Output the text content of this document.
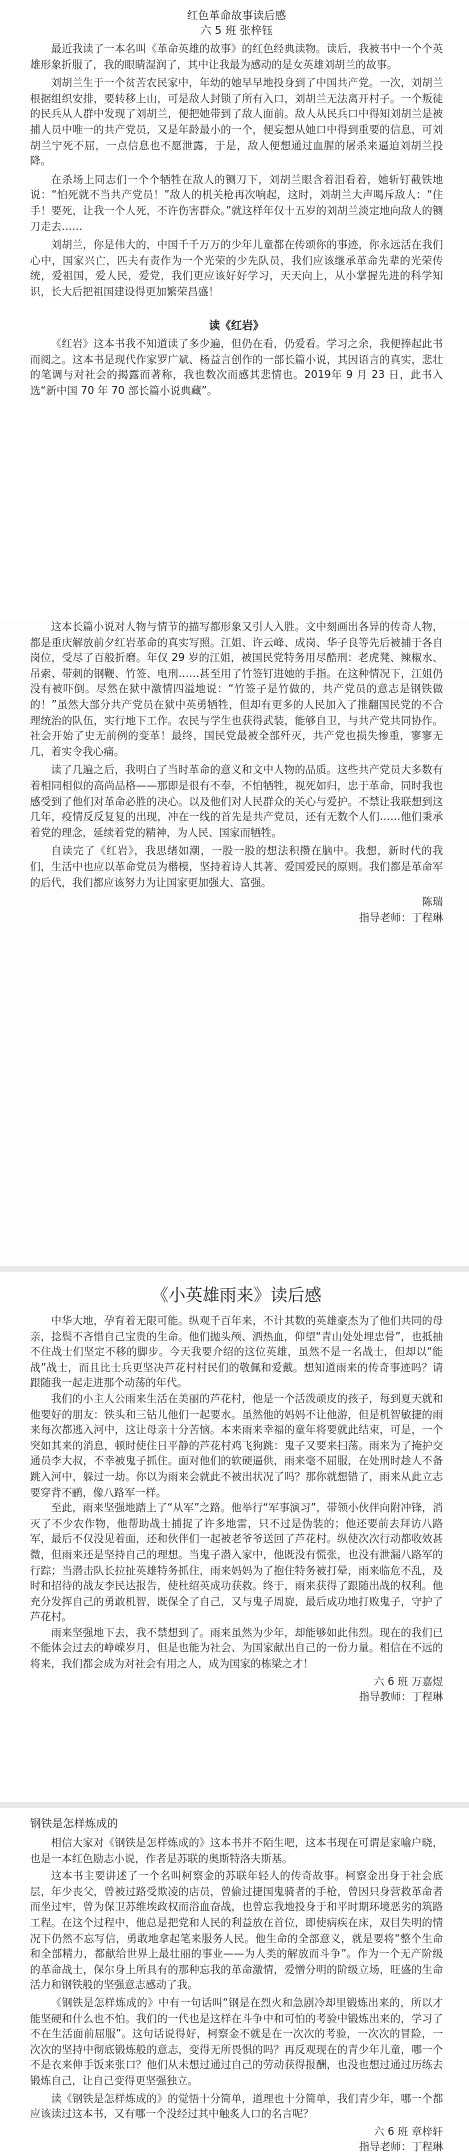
红色革命故事读后感

六 5 班 张梓钰

最近我读了一本名叫《革命英雄的故事》的红色经典读物。读后，我被书中一个个英雄形象折服了，我的眼睛湿润了，其中让我最为感动的是女英雄刘胡兰的故事。

刘胡兰生于一个贫苦农民家中，年幼的她早早地投身到了中国共产党。一次，刘胡兰根据组织安排，要转移上山，可是敌人封锁了所有入口，刘胡兰无法离开村子。一个叛徒的民兵从人群中发现了刘胡兰，便把她带到了敌人面前。敌人从民兵口中得知刘胡兰是被捕人员中唯一的共产党员，又是年龄最小的一个，便妄想从她口中得到重要的信息，可刘胡兰宁死不屈，一点信息也不愿泄露，于是，敌人便想通过血腥的屠杀来逼迫刘胡兰投降。

在杀场上同志们一个个牺牲在敌人的铡刀下，刘胡兰眼含着泪看着，她斩钉截铁地说：“怕死就不当共产党员！”敌人的机关枪再次响起，这时，刘胡兰大声喝斥敌人：“住手！要死，让我一个人死，不许伤害群众。”就这样年仅十五岁的刘胡兰淡定地向敌人的铡刀走去……

刘胡兰，你是伟大的，中国千千万万的少年儿童都在传颂你的事迹，你永远活在我们心中，国家兴亡，匹夫有责作为一个光荣的少先队员，我们应该继承革命先辈的光荣传统，爱祖国，爱人民，爱党，我们更应该好好学习，天天向上，从小掌握先进的科学知识，长大后把祖国建设得更加繁荣昌盛！

读《红岩》

《红岩》这本书我不知道读了多少遍，但仍在看，仍爱看。学习之余，我便捧起此书而阅之。这本书是现代作家罗广斌、杨益言创作的一部长篇小说，其因语言的真实，悲壮的笔调与对社会的揭露而著称，我也数次而感其悲情也。2019年 9 月 23 日，此书入选“新中国 70 年 70 部长篇小说典藏”。

这本长篇小说对人物与情节的描写都形象又引人入胜。文中刻画出各异的传奇人物，都是重庆解放前夕红岩革命的真实写照。江姐、许云峰、成岗、华子良等先后被捕于各自岗位，受尽了百般折磨。年仅 29 岁的江姐，被国民党特务用尽酷刑：老虎凳、辣椒水、吊索、带刺的钢鞭、竹签、电刑……甚至用了竹签钉进她的手指。在这种情况下，江姐仍没有被吓倒。尽然在狱中激情四溢地说：“竹签子是竹做的，共产党员的意志是钢铁做的！”虽然大部分共产党员在狱中英勇牺牲，但却有更多的人民加入了推翻国民党的不合理统治的队伍，实行地下工作。农民与学生也获得武装，能够自卫，与共产党共同协作。社会开始了史无前例的变革！最终，国民党最被全部歼灭，共产党也损失惨重，寥寥无几，着实令我心痛。

读了几遍之后，我明白了当时革命的意义和文中人物的品质。这些共产党员大多数有着相同相似的高尚品格——那即是很有不奉，不怕牺牲，视死如归，忠于革命，同时我也感受到了他们对革命必胜的决心。以及他们对人民群众的关心与爱护。不禁让我联想到这几年，疫情反反复复的出现，冲在一线的首先是共产党员，还有无数个人们……他们秉承着党的理念，延续着党的精神，为人民、国家而牺牲。

自读完了《红岩》，我思绪如潮，一股一股的想法积攒在脑中。我想，新时代的我们，生活中也应以革命党员为楷模，坚持着诗人其著、爱国爱民的原则。我们都是革命军的后代，我们都应该努力为让国家更加强大、富强。

陈瑞

指导老师：丁程琳

《小英雄雨来》读后感

中华大地，孕育着无限可能。纵观千百年来，不计其数的英雄豪杰为了他们共同的母亲，捻鬓不吝惜自己宝贵的生命。他们抛头颅、洒热血，仰望“青山处处埋忠骨”，也抵抽不住战士们坚定不移的脚步。今天我要介绍的这位英雄，虽然不是一名战士，但却以“能战”战士，而且比士兵更坚决芦花村村民们的敬佩和爱戴。想知道雨来的传奇事迹吗？请跟随我一起走进那个动荡的年代。

我们的小主人公雨来生活在美丽的芦花村，他是一个活泼顽皮的孩子，每到夏天就和他要好的朋友：铁头和三钻儿他们一起要水。虽然他的妈妈不让他游，但是机智敏捷的雨来每次都逃入河中，这让母亲十分苦恼。本来雨来幸福的童年将要就此结束，可是，一个突如其来的消息，顿时使住日平静的芦花村鸡飞狗跳：鬼子又要来扫荡。雨来为了掩护交通员李大叔，不幸被鬼子抓住。面对他们的软硬逼供，雨来毫不屈服，在处刑时趁人不备跳入河中，躲过一劫。你以为雨来会就此不被出状况了吗？那你就想错了，雨来从此立志要穿背不鹂，像八路军一样。

至此，雨来坚强地踏上了“从军”之路。他举行“军事演习”，带领小伙伴向附冲锋，消灭了不少农作物，他帮助战士捕捉了许多地雷，只不过是伪装的；他还要前去拜访八路军，最后不仅没见着面，还和伙伴们一起被老爷爷送回了芦花村。纵使次次行动都收效甚微，但雨来还是坚持自己的理想。当鬼子潜入家中，他既没有慌张，也没有泄漏八路军的行踪；当潜击队长拉扯英雄特务抓住，雨来妈妈为了抱住特务被打晕，雨来临危不乱，及时和招待的战友李民达报告，使杜绍英成功获救。终于，雨来获得了跟随出战的权利。他充分发挥自己的勇敢机智，既保全了自己，又与鬼子周旋，最后成功地打败鬼子，守护了芦花村。

雨来坚强地下去，我不禁想到了。雨来虽然为少年，却能够如此伟烈。现在的我们已不能体会过去的峥嵘岁月，但是也能为社会、为国家献出自己的一份力量。相信在不远的将来，我们都会成为对社会有用之人，成为国家的栋梁之才！

六 6 班 万嘉煜

指导教师：丁程琳

钢铁是怎样炼成的

相信大家对《钢铁是怎样炼成的》这本书并不陌生吧，这本书现在可谓是家喻户晓，也是一本红色励志小说，作者是苏联的奥斯特洛夫斯基。

这本书主要讲述了一个名叫柯察金的苏联年轻人的传奇故事。柯察金出身于社会底层，年少丧父，曾被过路受欺凌的店员，曾偷过捷国鬼骑者的手枪，曾因只身营救革命者而坐过牢，曾为保卫苏维埃政权而浴血奋战，也曾忘我地投身于和平时期环境恶劣的筑路工程。在这个过程中，他总是把党和人民的利益放在首位，即使病疾在床，双目失明的情况下仍然不忘写信，勇敢地拿起笔来服务人民。他生命的全部意义，就是要将“整个生命和全部精力，都献给世界上最壮丽的事业——为人类的解放而斗争”。作为一个无产阶级的革命战士，保尔身上所具有的那种忘我的革命激情，爱憎分明的阶级立场，旺盛的生命活力和钢铁般的坚强意志感动了我。

《钢铁是怎样炼成的》中有一句话叫“钢是在烈火和急剧冷却里锻炼出来的，所以才能坚硬和什么也不怕。我们的一代也是这样在斗争中和可怕的考验中锻炼出来的，学习了不在生活面前屈服”。这句话说得好，柯察金不就是在一次次的考验，一次次的冒险，一次次的坚持中彻底锻炼般的意志，变得无所畏惧的吗？再反观现在的青少年儿童，哪一个不是衣来伸手饭来张口？他们从未想过通过自己的劳动获得报酬，也没也想过通过历练去锻炼自己，让自己变得更坚强独立。

读《钢铁是怎样炼成的》的觉悟十分简单，道理也十分简单，我们青少年，哪一个都应该读过这本书，又有哪一个没经过其中触炙人口的名言呢？

六 6 班 章梓轩

指导老师：丁程琳
